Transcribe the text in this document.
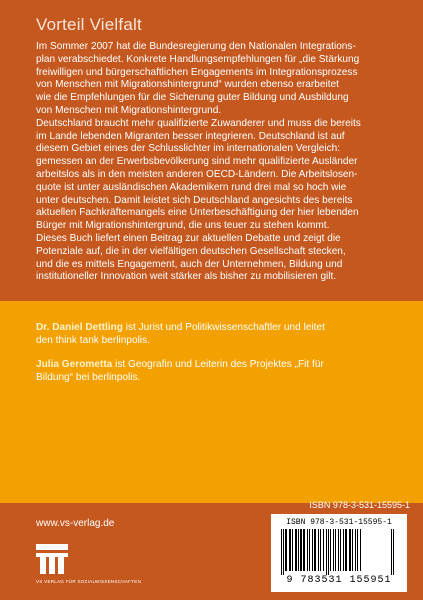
Vorteil Vielfalt
Im Sommer 2007 hat die Bundesregierung den Nationalen Integrations-
plan verabschiedet. Konkrete Handlungsempfehlungen für „die Stärkung
freiwilligen und bürgerschaftlichen Engagements im Integrationsprozess
von Menschen mit Migrationshintergrund“ wurden ebenso erarbeitet
wie die Empfehlungen für die Sicherung guter Bildung und Ausbildung
von Menschen mit Migrationshintergrund.
Deutschland braucht mehr qualifizierte Zuwanderer und muss die bereits
im Lande lebenden Migranten besser integrieren. Deutschland ist auf
diesem Gebiet eines der Schlusslichter im internationalen Vergleich:
gemessen an der Erwerbsbevölkerung sind mehr qualifizierte Ausländer
arbeitslos als in den meisten anderen OECD-Ländern. Die Arbeitslosen-
quote ist unter ausländischen Akademikern rund drei mal so hoch wie
unter deutschen. Damit leistet sich Deutschland angesichts des bereits
aktuellen Fachkräftemangels eine Unterbeschäftigung der hier lebenden
Bürger mit Migrationshintergrund, die uns teuer zu stehen kommt.
Dieses Buch liefert einen Beitrag zur aktuellen Debatte und zeigt die
Potenziale auf, die in der vielfältigen deutschen Gesellschaft stecken,
und die es mittels Engagement, auch der Unternehmen, Bildung und
institutioneller Innovation weit stärker als bisher zu mobilisieren gilt.
Dr. Daniel Dettling ist Jurist und Politikwissenschaftler und leitet
den think tank berlinpolis.
Julia Gerometta ist Geografin und Leiterin des Projektes „Fit für
Bildung“ bei berlinpolis.
www.vs-verlag.de
VS VERLAG FÜR SOZIALWISSENSCHAFTEN
ISBN 978-3-531-15595-1
ISBN 978-3-531-15595-1
9 783531 155951
